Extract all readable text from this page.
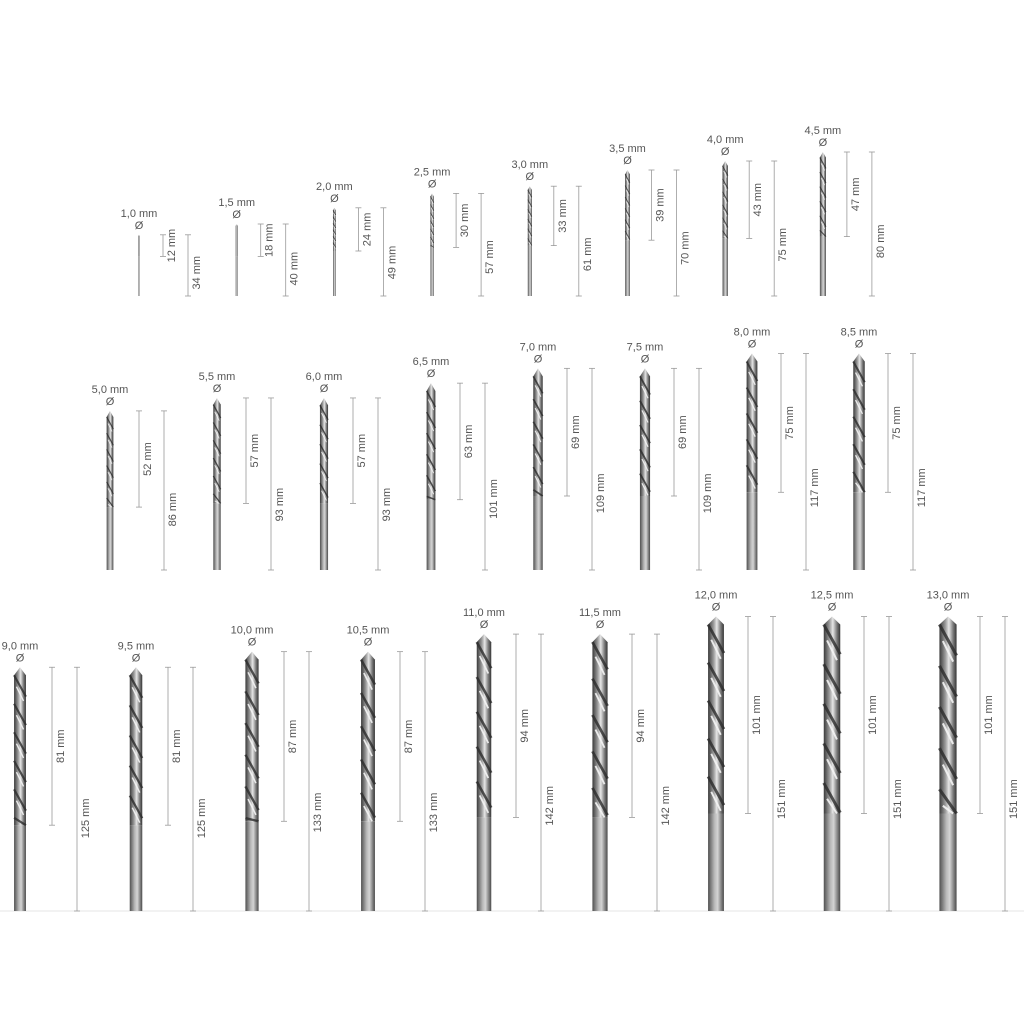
1,0 mm
Ø
12 mm
34 mm
1,5 mm
Ø
18 mm
40 mm
2,0 mm
Ø
24 mm
49 mm
2,5 mm
Ø
30 mm
57 mm
3,0 mm
Ø
33 mm
61 mm
3,5 mm
Ø
39 mm
70 mm
4,0 mm
Ø
43 mm
75 mm
4,5 mm
Ø
47 mm
80 mm
5,0 mm
Ø
52 mm
86 mm
5,5 mm
Ø
57 mm
93 mm
6,0 mm
Ø
57 mm
93 mm
6,5 mm
Ø
63 mm
101 mm
7,0 mm
Ø
69 mm
109 mm
7,5 mm
Ø
69 mm
109 mm
8,0 mm
Ø
75 mm
117 mm
8,5 mm
Ø
75 mm
117 mm
9,0 mm
Ø
81 mm
125 mm
9,5 mm
Ø
81 mm
125 mm
10,0 mm
Ø
87 mm
133 mm
10,5 mm
Ø
87 mm
133 mm
11,0 mm
Ø
94 mm
142 mm
11,5 mm
Ø
94 mm
142 mm
12,0 mm
Ø
101 mm
151 mm
12,5 mm
Ø
101 mm
151 mm
13,0 mm
Ø
101 mm
151 mm
